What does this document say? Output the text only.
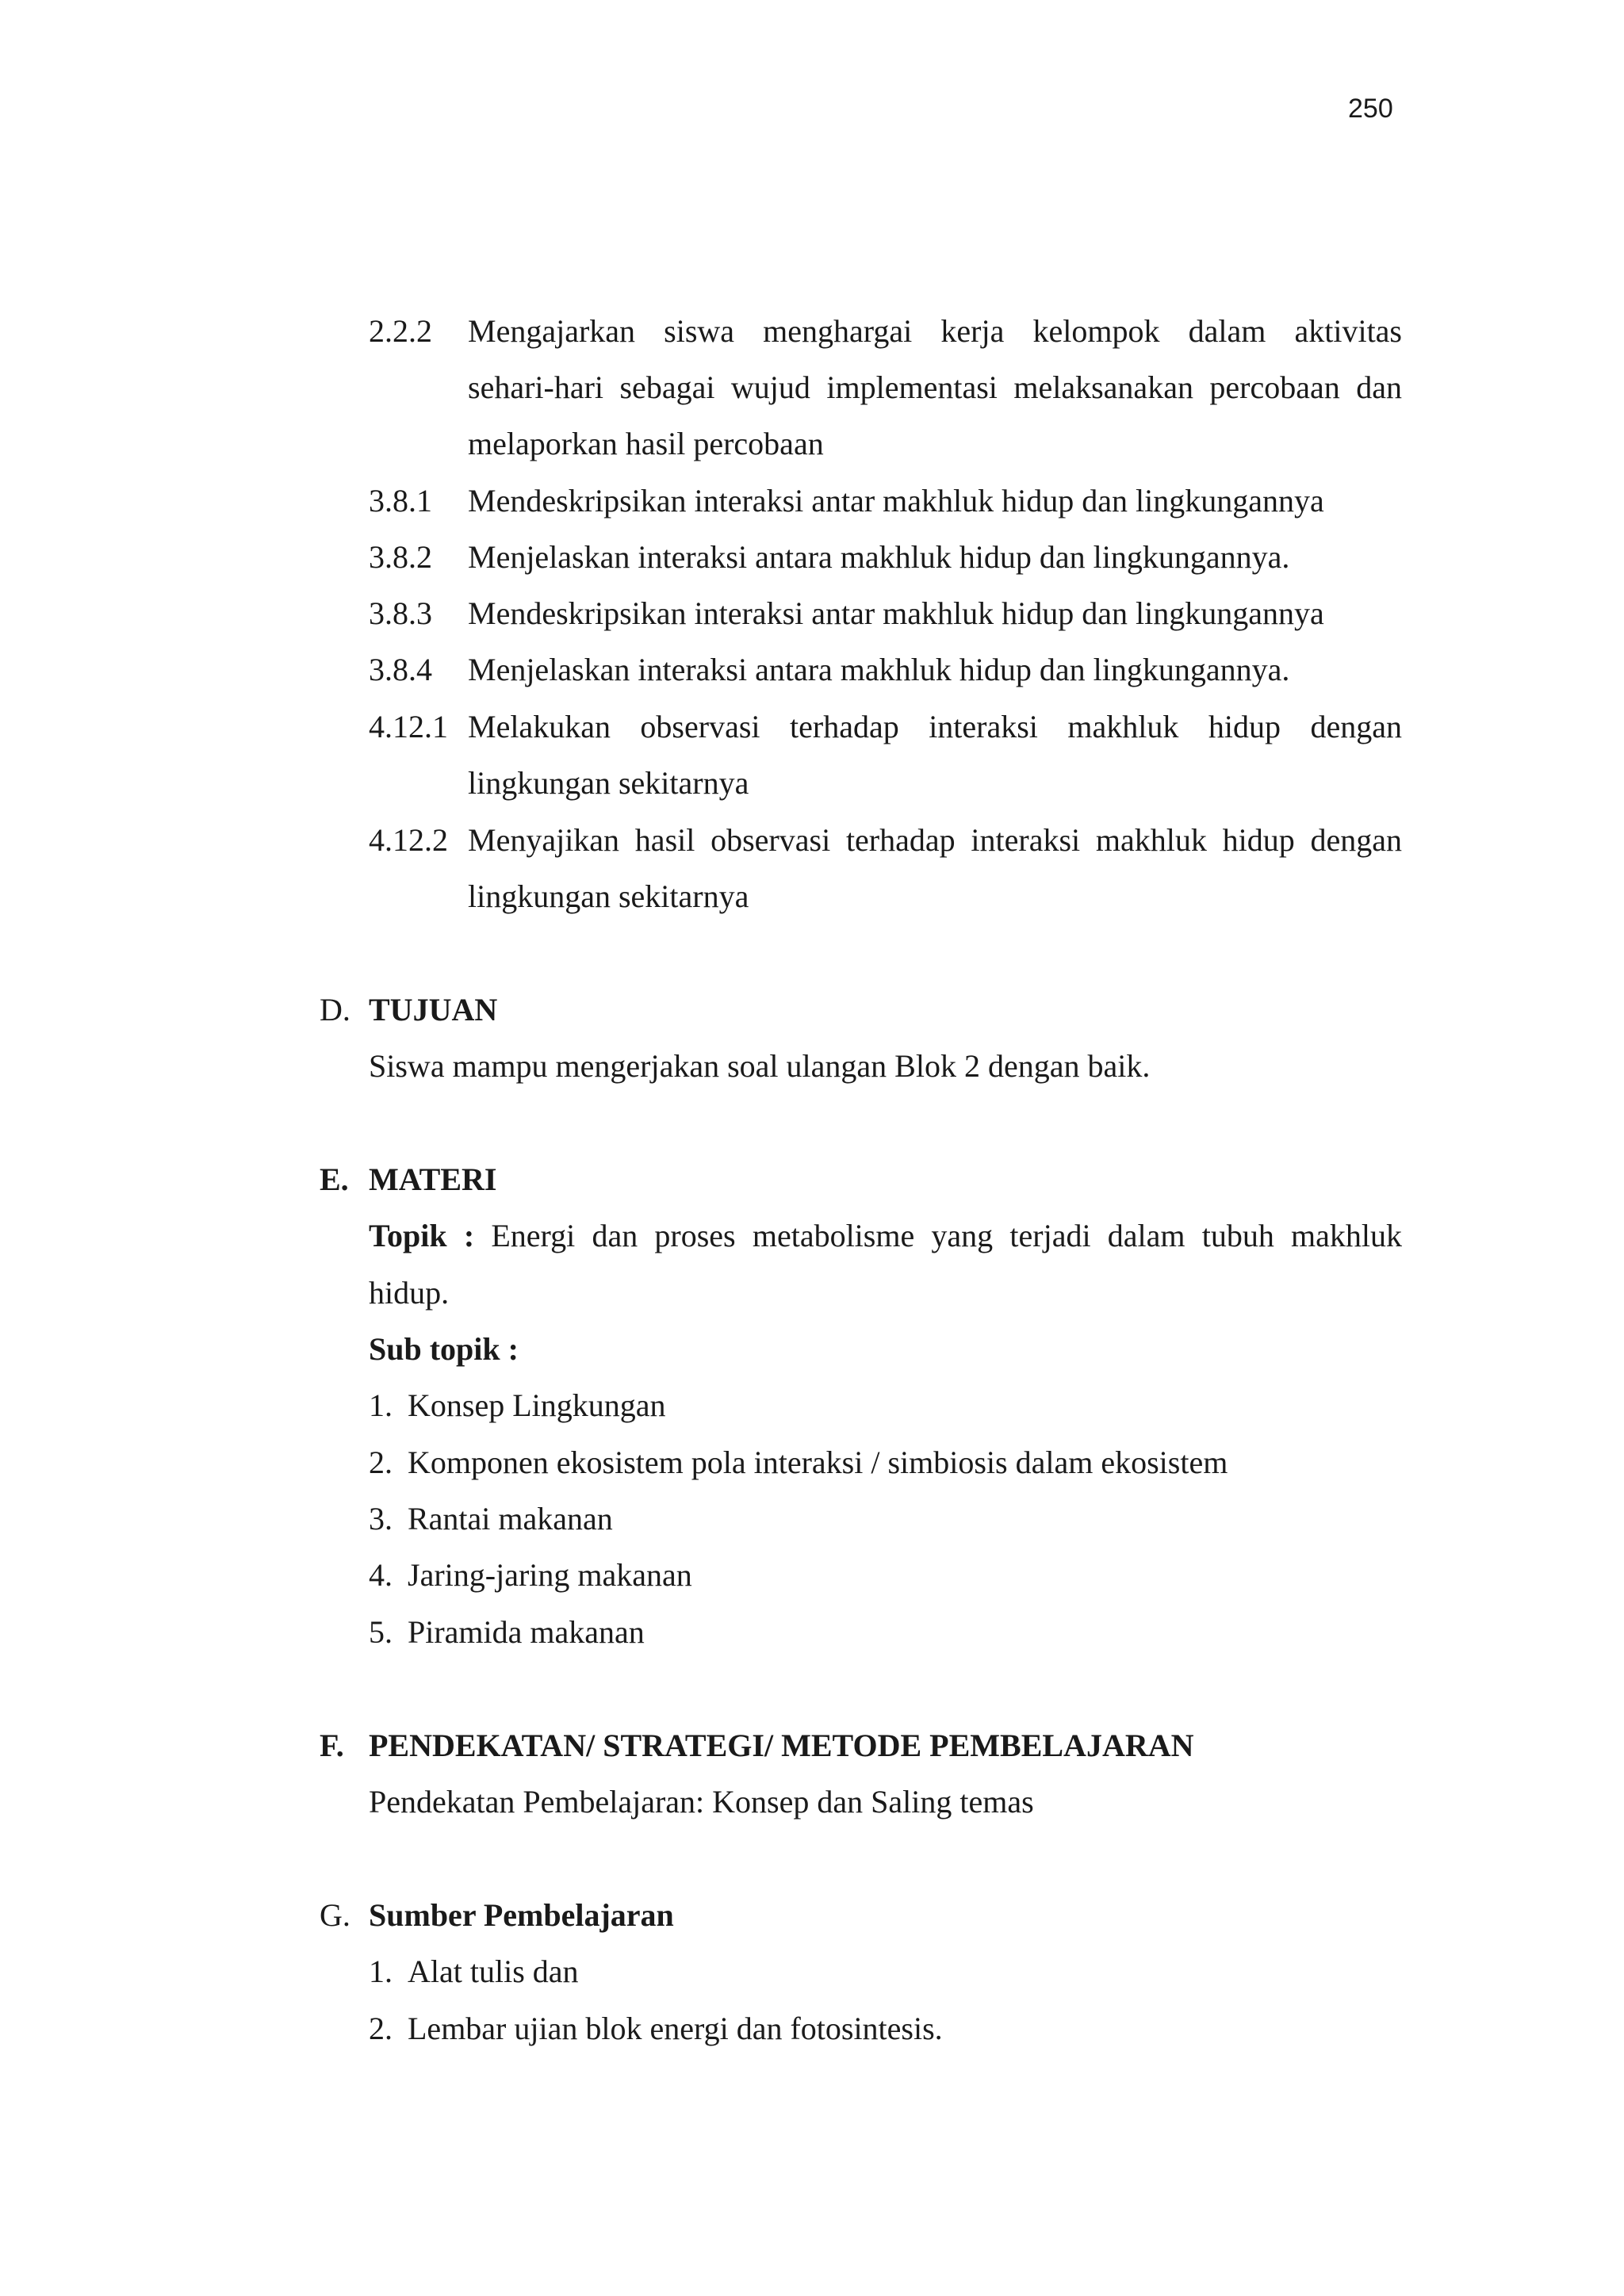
250
2.2.2 Mengajarkan siswa menghargai kerja kelompok dalam aktivitas
sehari-hari sebagai wujud implementasi melaksanakan percobaan dan
melaporkan hasil percobaan
3.8.1 Mendeskripsikan interaksi antar makhluk hidup dan lingkungannya
3.8.2 Menjelaskan interaksi antara makhluk hidup dan lingkungannya.
3.8.3 Mendeskripsikan interaksi antar makhluk hidup dan lingkungannya
3.8.4 Menjelaskan interaksi antara makhluk hidup dan lingkungannya.
4.12.1 Melakukan observasi terhadap interaksi makhluk hidup dengan
lingkungan sekitarnya
4.12.2 Menyajikan hasil observasi terhadap interaksi makhluk hidup dengan
lingkungan sekitarnya
D. TUJUAN
Siswa mampu mengerjakan soal ulangan Blok 2 dengan baik.
E. MATERI
Topik : Energi dan proses metabolisme yang terjadi dalam tubuh makhluk
hidup.
Sub topik :
1. Konsep Lingkungan
2. Komponen ekosistem pola interaksi / simbiosis dalam ekosistem
3. Rantai makanan
4. Jaring-jaring makanan
5. Piramida makanan
F. PENDEKATAN/ STRATEGI/ METODE PEMBELAJARAN
Pendekatan Pembelajaran: Konsep dan Saling temas
G. Sumber Pembelajaran
1. Alat tulis dan
2. Lembar ujian blok energi dan fotosintesis.
